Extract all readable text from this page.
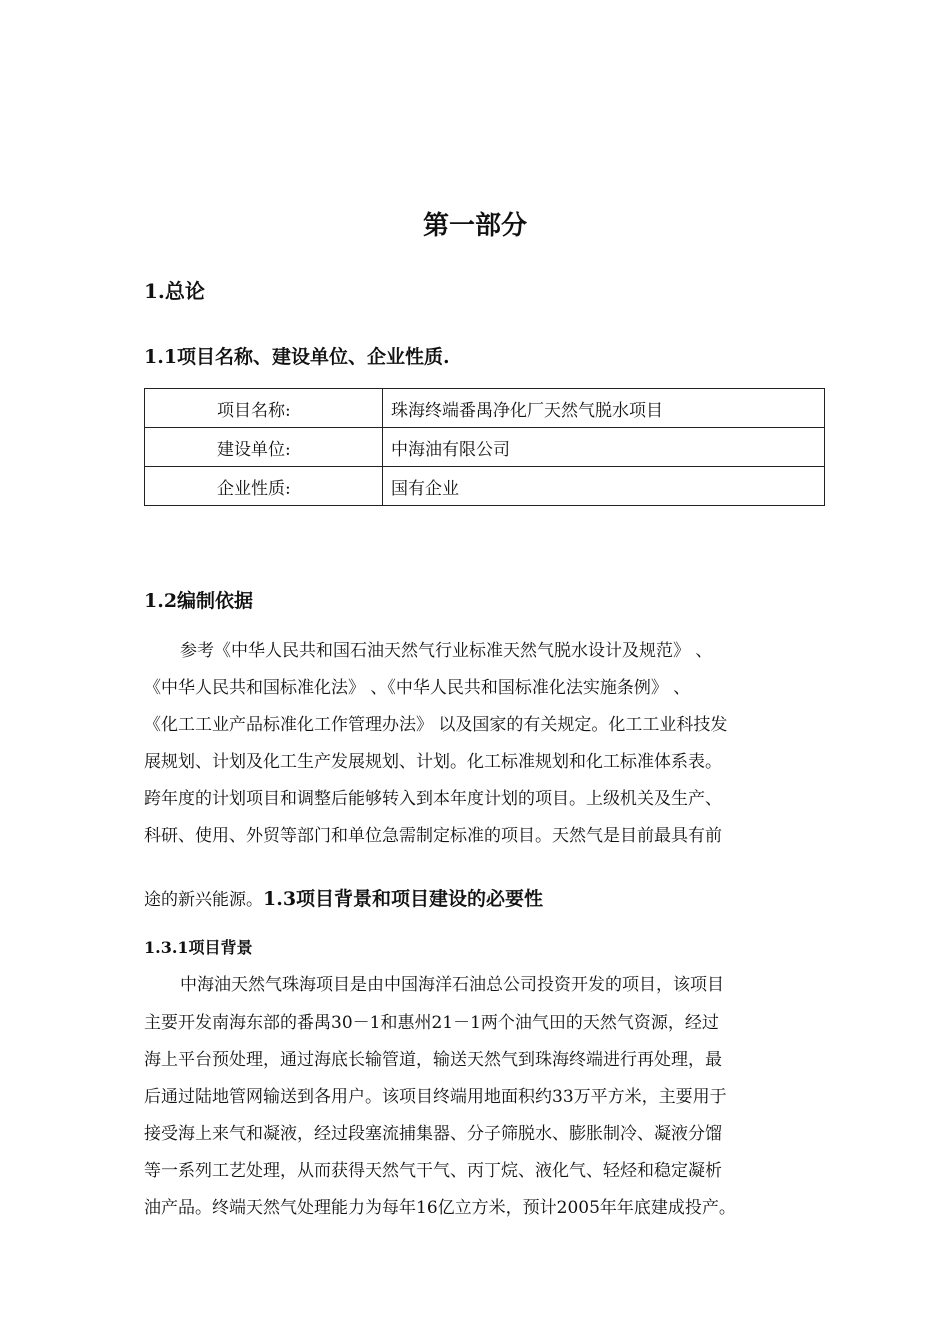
第一部分
1.总论
1.1项目名称、建设单位、企业性质.
项目名称:	珠海终端番禺净化厂天然气脱水项目
建设单位:	中海油有限公司
企业性质:	国有企业
1.2编制依据
参考《中华人民共和国石油天然气行业标准天然气脱水设计及规范》 、
《中华人民共和国标准化法》 、《中华人民共和国标准化法实施条例》 、
《化工工业产品标准化工作管理办法》 以及国家的有关规定。化工工业科技发
展规划、计划及化工生产发展规划、计划。化工标准规划和化工标准体系表。
跨年度的计划项目和调整后能够转入到本年度计划的项目。上级机关及生产、
科研、使用、外贸等部门和单位急需制定标准的项目。天然气是目前最具有前
途的新兴能源。1.3项目背景和项目建设的必要性
1.3.1项目背景
中海油天然气珠海项目是由中国海洋石油总公司投资开发的项目，该项目
主要开发南海东部的番禺30－1和惠州21－1两个油气田的天然气资源，经过
海上平台预处理，通过海底长输管道，输送天然气到珠海终端进行再处理，最
后通过陆地管网输送到各用户。该项目终端用地面积约33万平方米，主要用于
接受海上来气和凝液，经过段塞流捕集器、分子筛脱水、膨胀制冷、凝液分馏
等一系列工艺处理，从而获得天然气干气、丙丁烷、液化气、轻烃和稳定凝析
油产品。终端天然气处理能力为每年16亿立方米，预计2005年年底建成投产。
